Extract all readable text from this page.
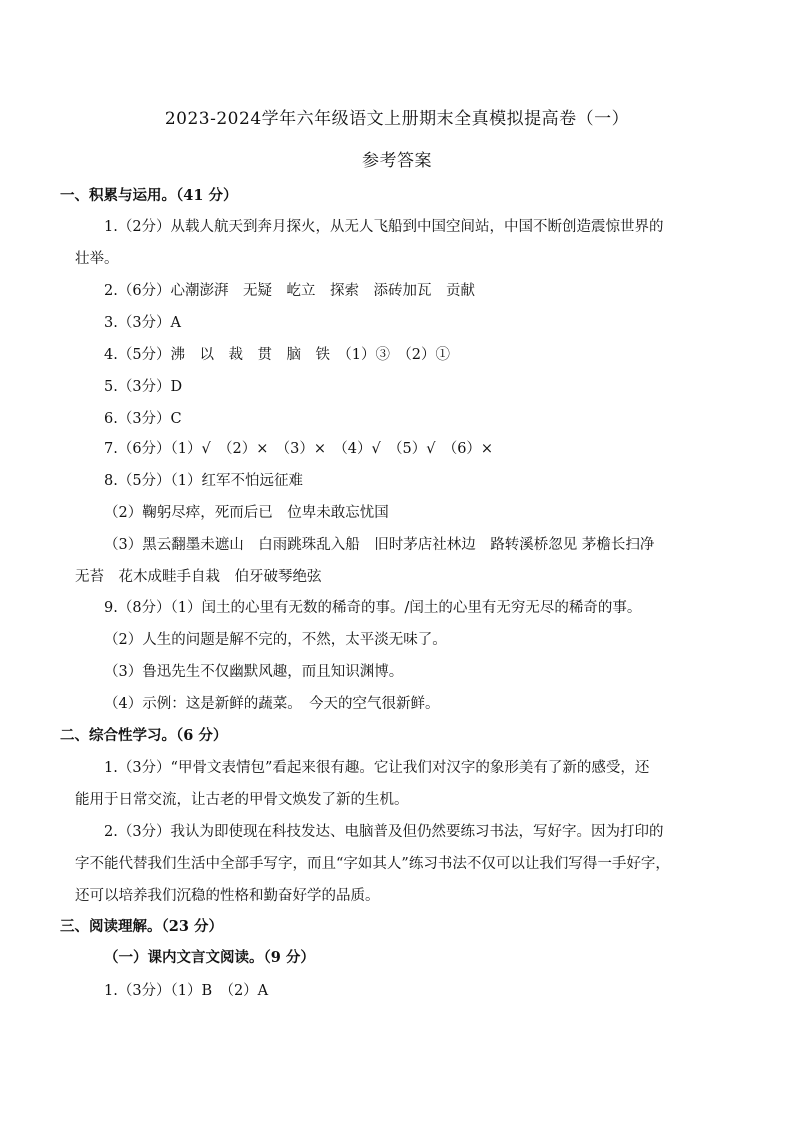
2023-2024学年六年级语文上册期末全真模拟提高卷（一）
参考答案
一、积累与运用。（41 分）
1.（2分）从载人航天到奔月探火，从无人飞船到中国空间站，中国不断创造震惊世界的
壮举。
2.（6分）心潮澎湃　无疑　屹立　探索　添砖加瓦　贡献
3.（3分）A
4.（5分）沸　以　裁　贯　脑　铁　（1）③　（2）①
5.（3分）D
6.（3分）C
7.（6分）（1）√　（2）×　（3）×　（4）√　（5）√　（6）×
8.（5分）（1）红军不怕远征难
（2）鞠躬尽瘁，死而后已　位卑未敢忘忧国
（3）黑云翻墨未遮山　白雨跳珠乱入船　旧时茅店社林边　路转溪桥忽见 茅檐长扫净
无苔　花木成畦手自栽　伯牙破琴绝弦
9.（8分）（1）闰土的心里有无数的稀奇的事。/闰土的心里有无穷无尽的稀奇的事。
（2）人生的问题是解不完的，不然，太平淡无味了。
（3）鲁迅先生不仅幽默风趣，而且知识渊博。
（4）示例：这是新鲜的蔬菜。　今天的空气很新鲜。
二、综合性学习。（6 分）
1.（3分）“甲骨文表情包”看起来很有趣。它让我们对汉字的象形美有了新的感受，还
能用于日常交流，让古老的甲骨文焕发了新的生机。
2.（3分）我认为即使现在科技发达、电脑普及但仍然要练习书法，写好字。因为打印的
字不能代替我们生活中全部手写字，而且“字如其人”练习书法不仅可以让我们写得一手好字，
还可以培养我们沉稳的性格和勤奋好学的品质。
三、阅读理解。（23 分）
（一）课内文言文阅读。（9 分）
1.（3分）（1）B　（2）A
